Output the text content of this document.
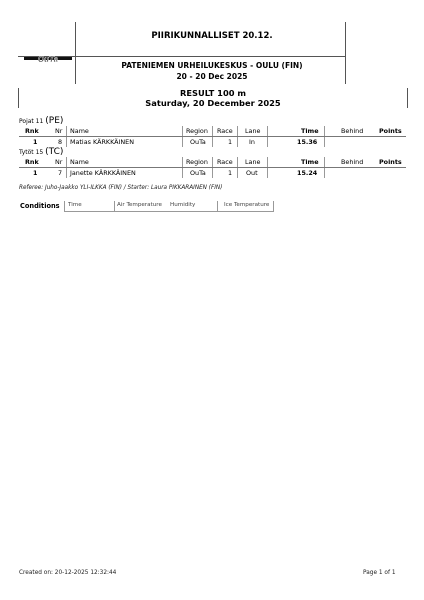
OuTa
PIIRIKUNNALLISET 20.12.
PATENIEMEN URHEILUKESKUS - OULU (FIN)
20 - 20 Dec 2025
RESULT 100 m
Saturday, 20 December 2025
Pojat 11 (PE)
Rnk	Nr Name	Region Race Lane	Time	Behind Points
1	8 Matias KÄRKKÄINEN	OuTa	1	In	15.36
Tytöt 15 (TC)
Rnk	Nr Name	Region Race Lane	Time	Behind Points
1	7 Janette KÄRKKÄINEN	OuTa	1 Out	15.24
Referee: Juho-Jaakko YLI-ILKKA (FIN) / Starter: Laura PIKKARAINEN (FIN)
Conditions Time	Air Temperature Humidity	Ice Temperature
Created on: 20-12-2025 12:32:44	Page 1 of 1
